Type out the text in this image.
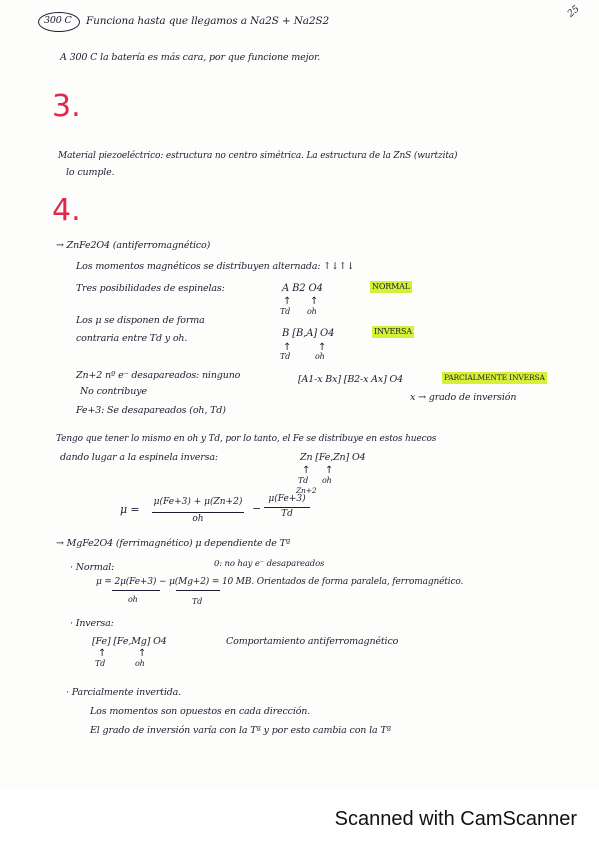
300 C Funciona hasta que llegamos a Na2S + Na2S2
25
A 300 C la batería es más cara, por que funcione mejor.
3.
Material piezoeléctrico: estructura no centro simétrica. La estructura de la ZnS (wurtzita)
lo cumple.
4.
→ ZnFe2O4 (antiferromagnético)
Los momentos magnéticos se distribuyen alternada: ↑↓↑↓
Tres posibilidades de espinelas:	A B2 O4	NORMAL
↑ ↑
Td oh
Los μ se disponen de forma
contraria entre Td y oh.	B [B,A] O4	INVERSA
↑	↑
Td	oh
Zn+2 nº e⁻ desapareados: ninguno
No contribuye
Fe+3: Se desapareados (oh, Td)
[A1-x Bx] [B2-x Ax] O4	PARCIALMENTE INVERSA
x → grado de inversión
Tengo que tener lo mismo en oh y Td, por lo tanto, el Fe se distribuye en estos huecos
dando lugar a la espinela inversa:	Zn [Fe,Zn] O4
↑ ↑
Td oh
Zn+2
μ =
μ(Fe+3) + μ(Zn+2)
oh
−
μ(Fe+3)
Td
→ MgFe2O4 (ferrimagnético) μ dependiente de Tª
· Normal:	0: no hay e⁻ desapareados
μ = 2μ(Fe+3) − μ(Mg+2) = 10 MB. Orientados de forma paralela, ferromagnético.
oh	Td
· Inversa:
[Fe] [Fe,Mg] O4	Comportamiento antiferromagnético
↑	↑
Td	oh
· Parcialmente invertida.
Los momentos son opuestos en cada dirección.
El grado de inversión varía con la Tª y por esto cambia con la Tª
Scanned with CamScanner
